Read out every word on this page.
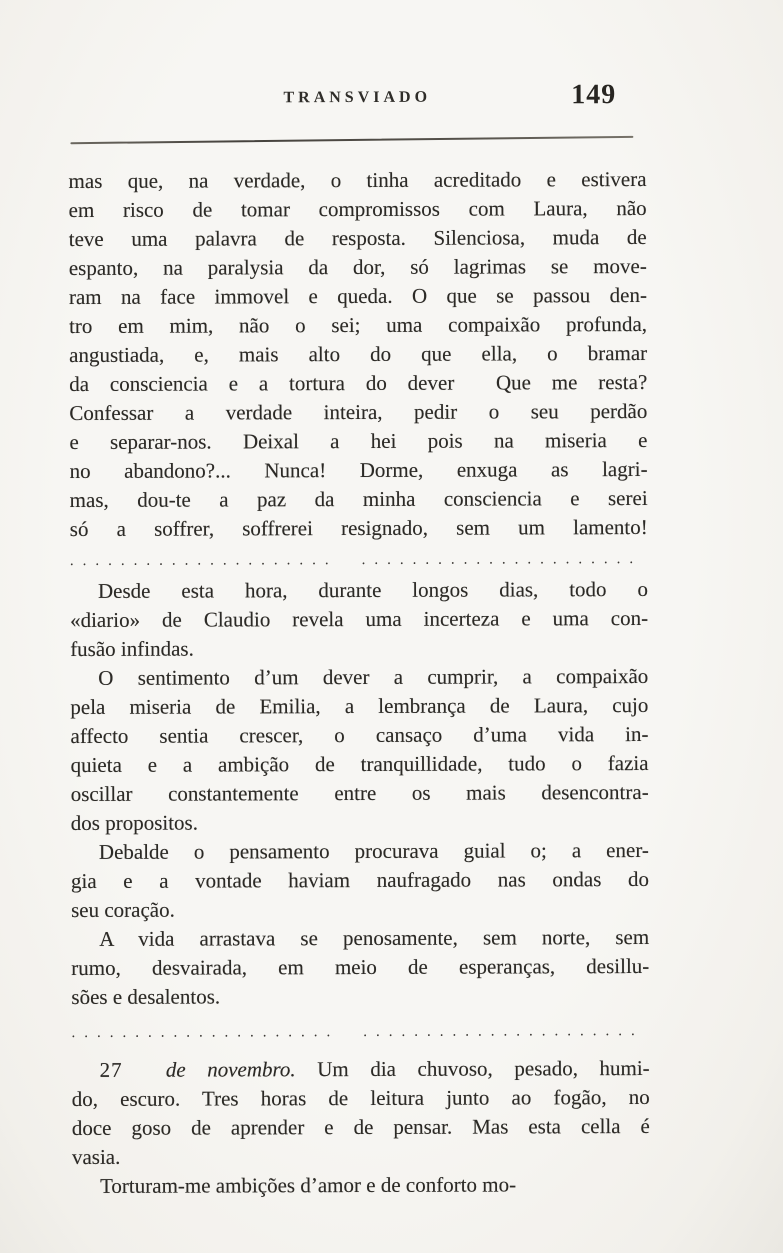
TRANSVIADO	149
mas que, na verdade, o tinha acreditado e estivera
em risco de tomar compromissos com Laura, não
teve uma palavra de resposta. Silenciosa, muda de
espanto, na paralysia da dor, só lagrimas se move-
ram na face immovel e queda. O que se passou den-
tro em mim, não o sei; uma compaixão profunda,
angustiada, e, mais alto do que ella, o bramar
da consciencia e a tortura do dever  Que me resta?
Confessar a verdade inteira, pedir o seu perdão
e separar-nos. Deixal a hei pois na miseria e
no abandono?... Nunca! Dorme, enxuga as lagri-
mas, dou-te a paz da minha consciencia e serei
só a soffrer, soffrerei resignado, sem um lamento!
..................... ......................
Desde esta hora, durante longos dias, todo o
«diario» de Claudio revela uma incerteza e uma con-
fusão infindas.
O sentimento d’um dever a cumprir, a compaixão
pela miseria de Emilia, a lembrança de Laura, cujo
affecto sentia crescer, o cansaço d’uma vida in-
quieta e a ambição de tranquillidade, tudo o fazia
oscillar constantemente entre os mais desencontra-
dos propositos.
Debalde o pensamento procurava guial o; a ener-
gia e a vontade haviam naufragado nas ondas do
seu coração.
A vida arrastava se penosamente, sem norte, sem
rumo, desvairada, em meio de esperanças, desillu-
sões e desalentos.
..................... ......................
27 de novembro. Um dia chuvoso, pesado, humi-
do, escuro. Tres horas de leitura junto ao fogão, no
doce goso de aprender e de pensar. Mas esta cella é
vasia.
Torturam-me ambições d’amor e de conforto mo-
